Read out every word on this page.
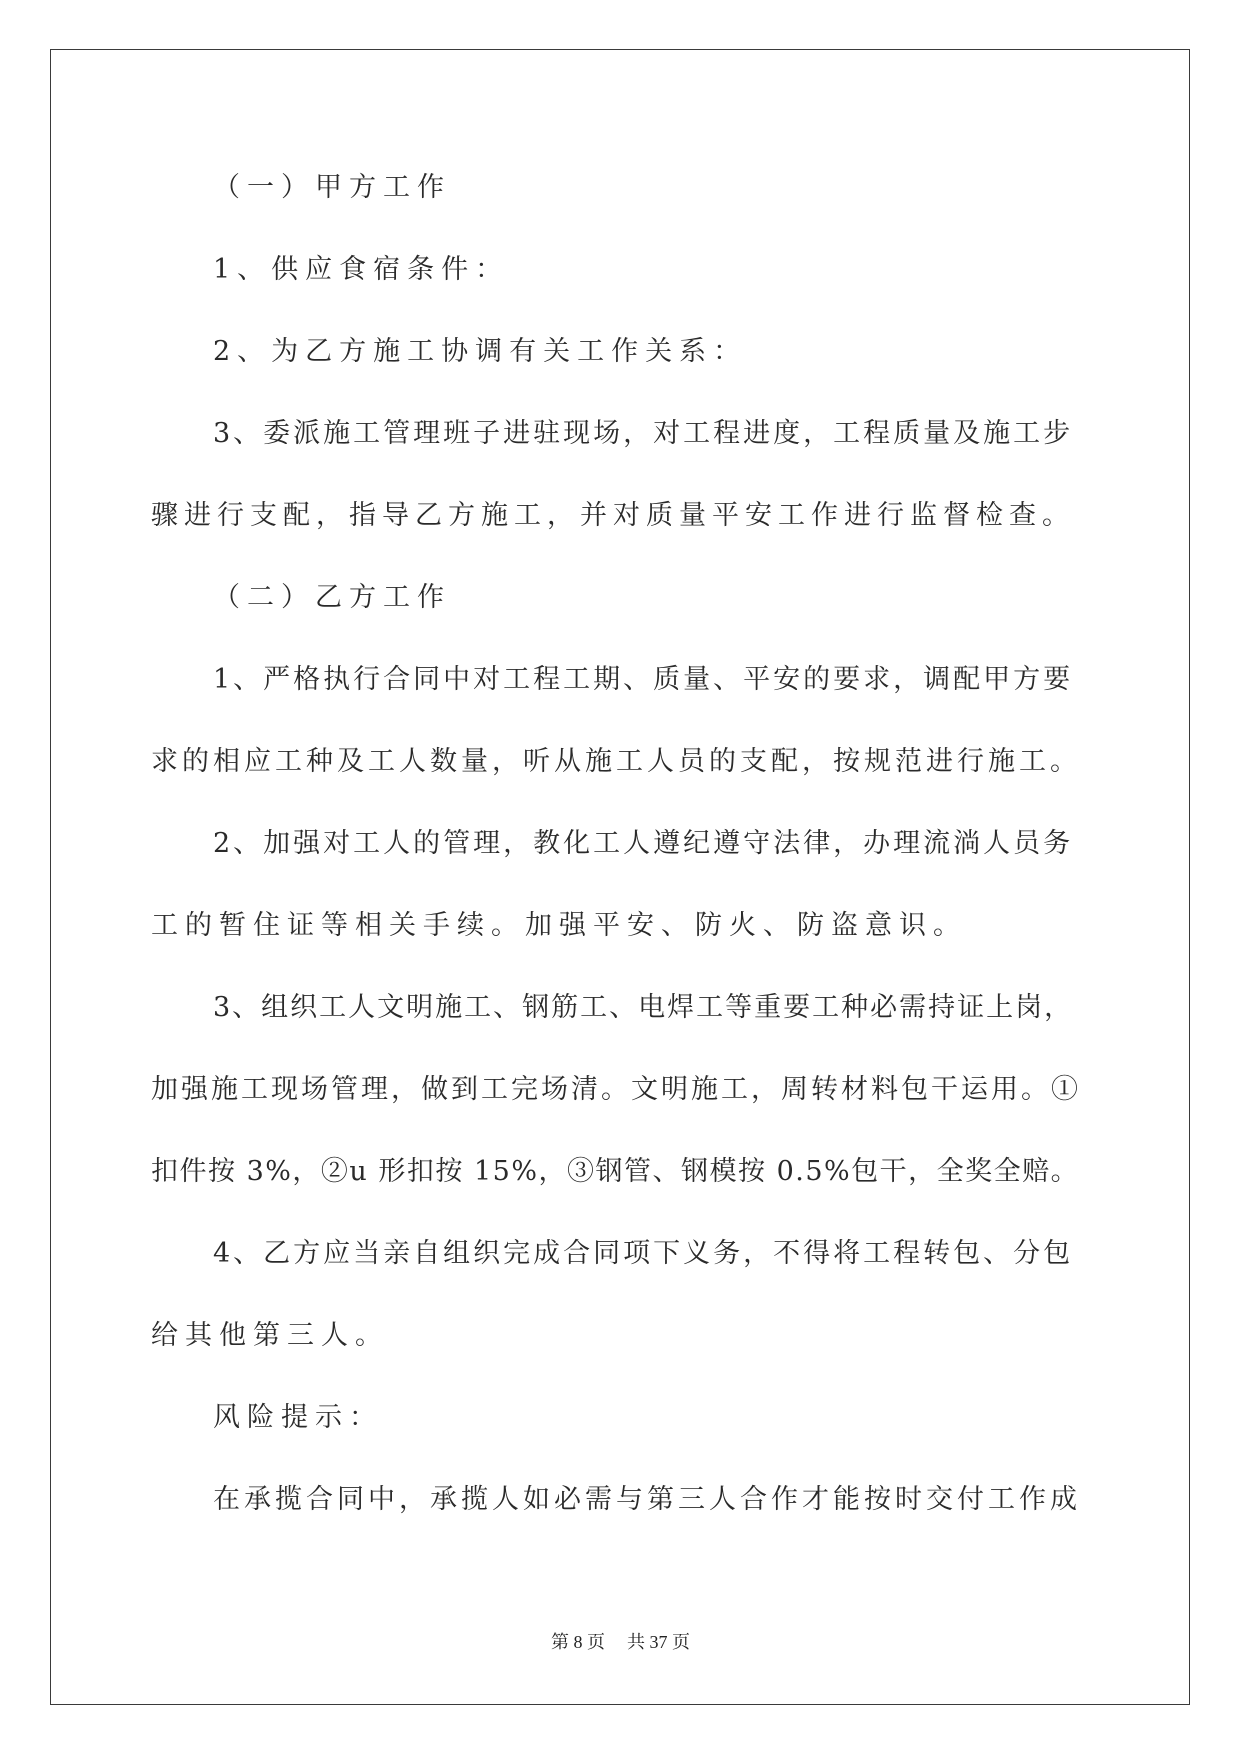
（一）甲方工作
1、供应食宿条件：
2、为乙方施工协调有关工作关系：
3、委派施工管理班子进驻现场，对工程进度，工程质量及施工步
骤进行支配，指导乙方施工，并对质量平安工作进行监督检查。
（二）乙方工作
1、严格执行合同中对工程工期、质量、平安的要求，调配甲方要
求的相应工种及工人数量，听从施工人员的支配，按规范进行施工。
2、加强对工人的管理，教化工人遵纪遵守法律，办理流淌人员务
工的暂住证等相关手续。加强平安、防火、防盗意识。
3、组织工人文明施工、钢筋工、电焊工等重要工种必需持证上岗，
加强施工现场管理，做到工完场清。文明施工，周转材料包干运用。①
扣件按 3%，②u 形扣按 15%，③钢管、钢模按 0.5%包干，全奖全赔。
4、乙方应当亲自组织完成合同项下义务，不得将工程转包、分包
给其他第三人。
风险提示：
在承揽合同中，承揽人如必需与第三人合作才能按时交付工作成
第 8 页 共 37 页
